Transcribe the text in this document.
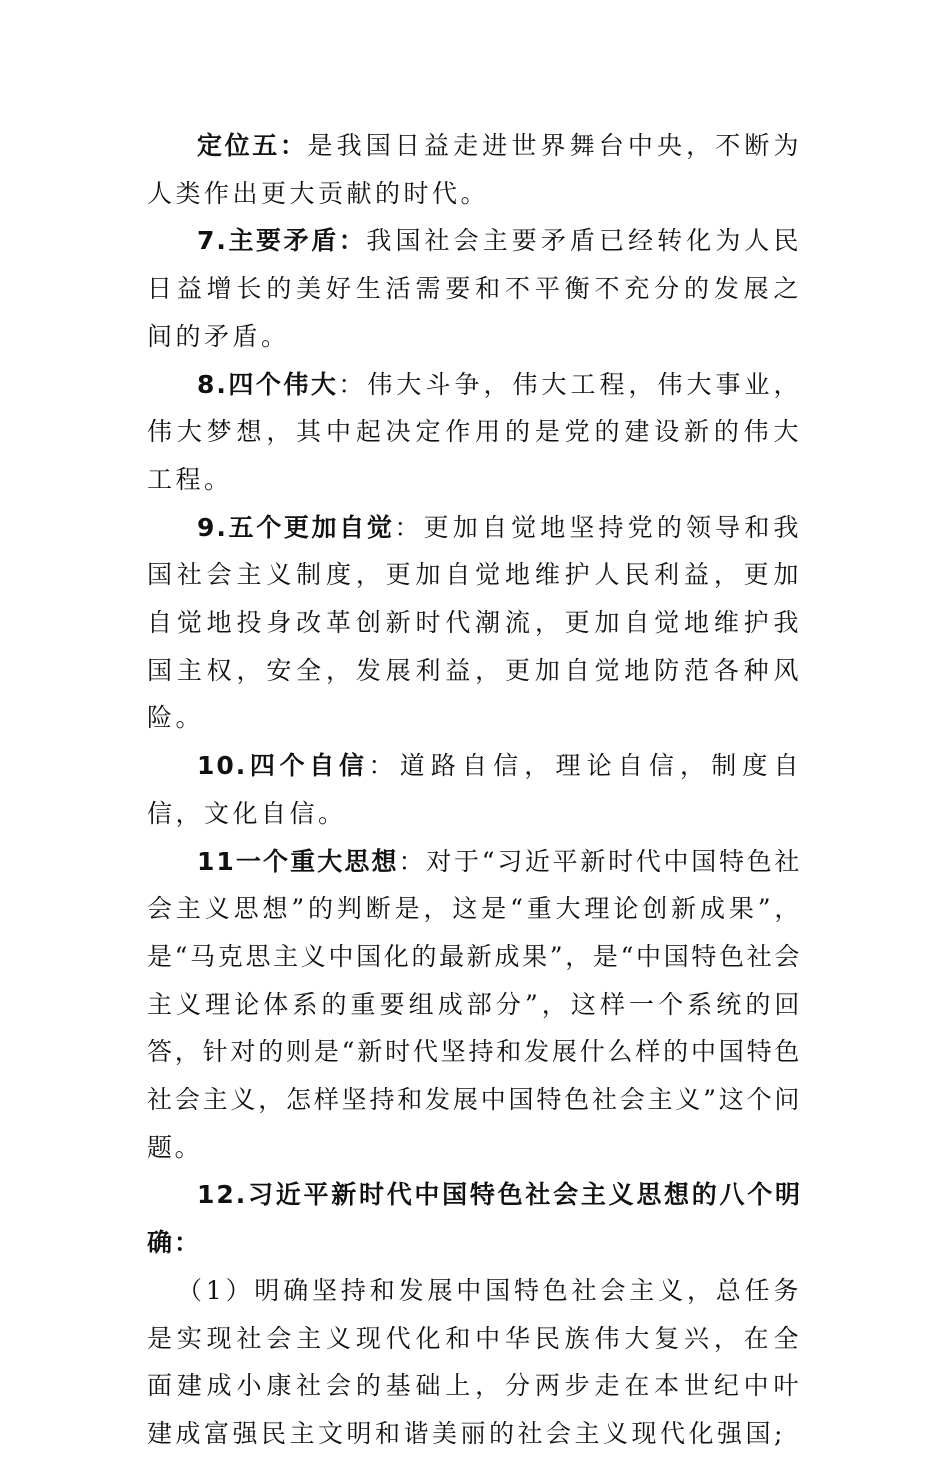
定位五：是我国日益走进世界舞台中央，不断为人类作出更大贡献的时代。

7.主要矛盾：我国社会主要矛盾已经转化为人民日益增长的美好生活需要和不平衡不充分的发展之间的矛盾。

8.四个伟大：伟大斗争，伟大工程，伟大事业，伟大梦想，其中起决定作用的是党的建设新的伟大工程。

9.五个更加自觉：更加自觉地坚持党的领导和我国社会主义制度，更加自觉地维护人民利益，更加自觉地投身改革创新时代潮流，更加自觉地维护我国主权，安全，发展利益，更加自觉地防范各种风险。

10.四个自信：道路自信，理论自信，制度自信，文化自信。

11一个重大思想：对于“习近平新时代中国特色社会主义思想”的判断是，这是“重大理论创新成果”，是“马克思主义中国化的最新成果”，是“中国特色社会主义理论体系的重要组成部分”，这样一个系统的回答，针对的则是“新时代坚持和发展什么样的中国特色社会主义，怎样坚持和发展中国特色社会主义”这个问题。

12.习近平新时代中国特色社会主义思想的八个明确：

（1）明确坚持和发展中国特色社会主义，总任务是实现社会主义现代化和中华民族伟大复兴，在全面建成小康社会的基础上，分两步走在本世纪中叶建成富强民主文明和谐美丽的社会主义现代化强国;
